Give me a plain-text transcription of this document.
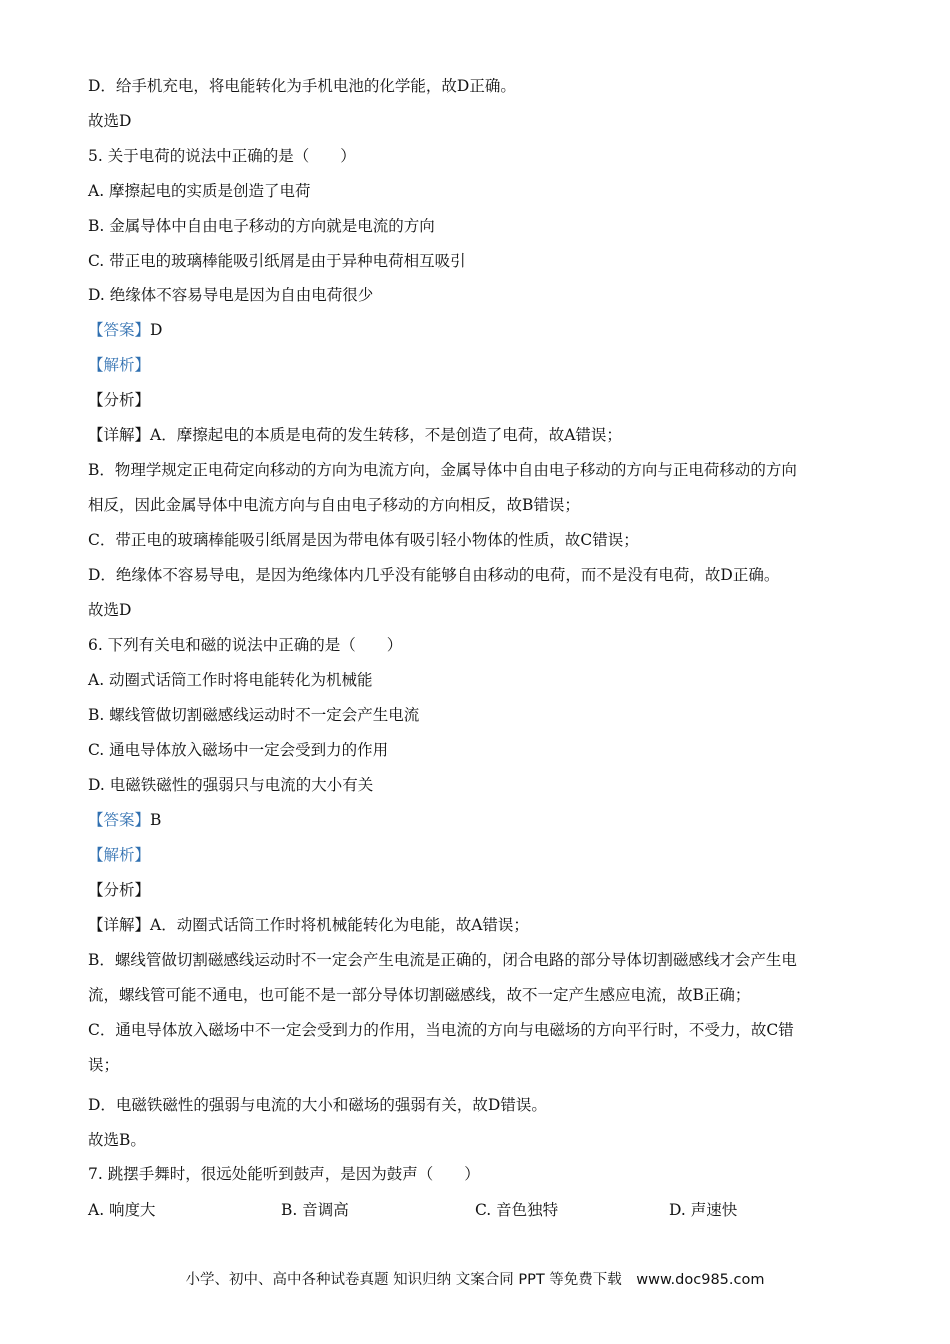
D．给手机充电，将电能转化为手机电池的化学能，故D正确。
故选D
5. 关于电荷的说法中正确的是（　　）
A. 摩擦起电的实质是创造了电荷
B. 金属导体中自由电子移动的方向就是电流的方向
C. 带正电的玻璃棒能吸引纸屑是由于异种电荷相互吸引
D. 绝缘体不容易导电是因为自由电荷很少
【答案】D
【解析】
【分析】
【详解】A．摩擦起电的本质是电荷的发生转移，不是创造了电荷，故A错误；
B．物理学规定正电荷定向移动的方向为电流方向，金属导体中自由电子移动的方向与正电荷移动的方向
相反，因此金属导体中电流方向与自由电子移动的方向相反，故B错误；
C．带正电的玻璃棒能吸引纸屑是因为带电体有吸引轻小物体的性质，故C错误；
D．绝缘体不容易导电，是因为绝缘体内几乎没有能够自由移动的电荷，而不是没有电荷，故D正确。
故选D
6. 下列有关电和磁的说法中正确的是（　　）
A. 动圈式话筒工作时将电能转化为机械能
B. 螺线管做切割磁感线运动时不一定会产生电流
C. 通电导体放入磁场中一定会受到力的作用
D. 电磁铁磁性的强弱只与电流的大小有关
【答案】B
【解析】
【分析】
【详解】A．动圈式话筒工作时将机械能转化为电能，故A错误；
B．螺线管做切割磁感线运动时不一定会产生电流是正确的，闭合电路的部分导体切割磁感线才会产生电
流，螺线管可能不通电，也可能不是一部分导体切割磁感线，故不一定产生感应电流，故B正确；
C．通电导体放入磁场中不一定会受到力的作用，当电流的方向与电磁场的方向平行时，不受力，故C错
误；
D．电磁铁磁性的强弱与电流的大小和磁场的强弱有关，故D错误。
故选B。
7. 跳摆手舞时，很远处能听到鼓声，是因为鼓声（　　）
A. 响度大	B. 音调高	C. 音色独特	D. 声速快
小学、初中、高中各种试卷真题 知识归纳 文案合同 PPT 等免费下载　www.doc985.com
